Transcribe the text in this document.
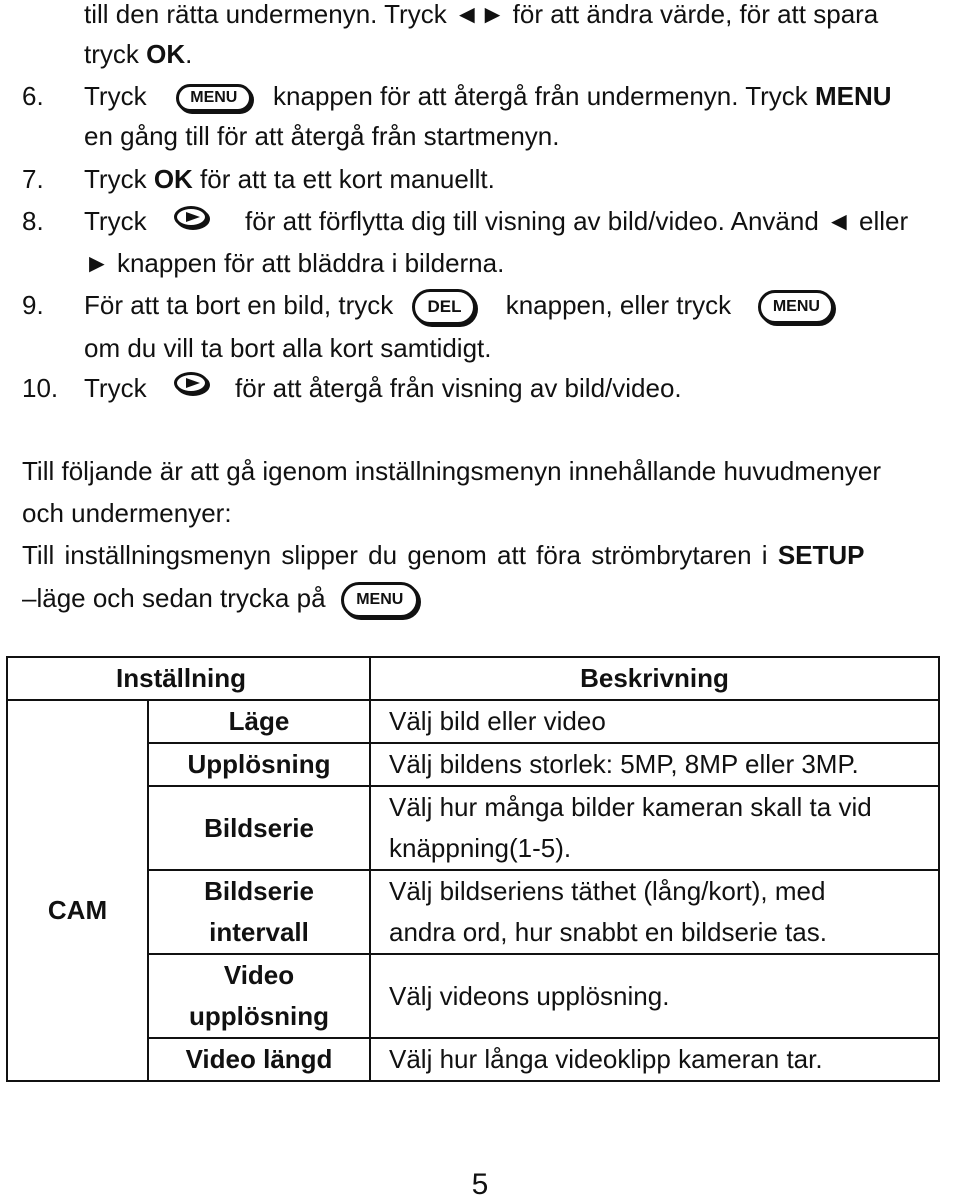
till den rätta undermenyn. Tryck ◄► för att ändra värde, för att spara
tryck OK.
6. Tryck	MENU knappen för att återgå från undermenyn. Tryck MENU
en gång till för att återgå från startmenyn.
7. Tryck OK för att ta ett kort manuellt.
8. Tryck	för att förflytta dig till visning av bild/video. Använd ◄ eller
► knappen för att bläddra i bilderna.
9. För att ta bort en bild, tryck DEL knappen, eller tryck	MENU
om du vill ta bort alla kort samtidigt.
10. Tryck	för att återgå från visning av bild/video.
Till följande är att gå igenom inställningsmenyn innehållande huvudmenyer
och undermenyer:
Till inställningsmenyn slipper du genom att föra strömbrytaren i SETUP
–läge och sedan trycka på MENU
Inställning		Beskrivning
CAM	Läge	Välj bild eller video
	Upplösning	Välj bildens storlek: 5MP, 8MP eller 3MP.
	Bildserie	Välj hur många bilder kameran skall ta vid
knäppning(1-5).

	Bildserie
intervall	Välj bildseriens täthet (lång/kort), med
andra ord, hur snabbt en bildserie tas.

	Video
upplösning	Välj videons upplösning.
	Video längd	Välj hur långa videoklipp kameran tar.
5
